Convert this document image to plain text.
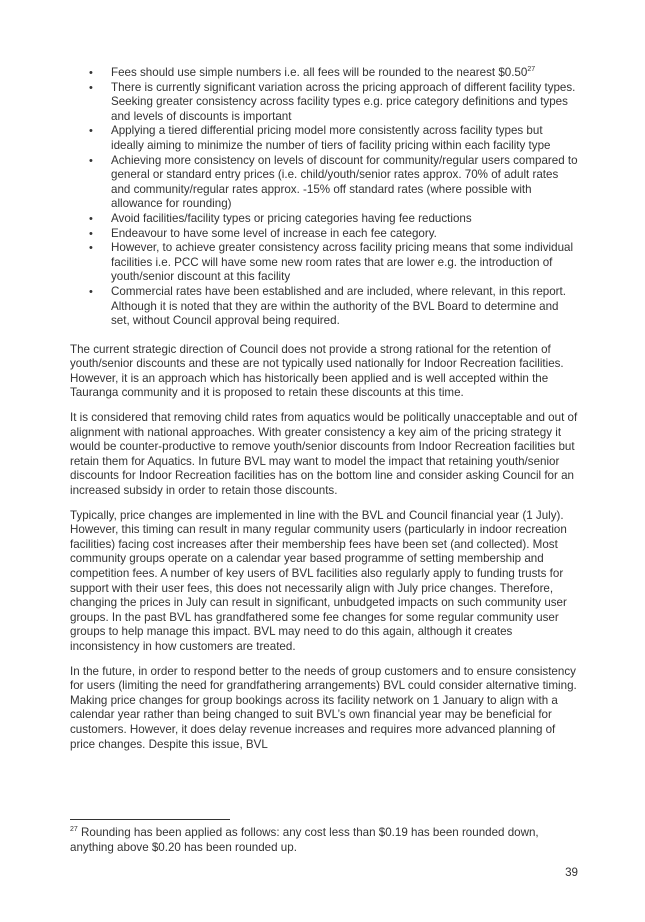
• Fees should use simple numbers i.e. all fees will be rounded to the nearest $0.50$^{27}$
• There is currently significant variation across the pricing approach of different facility types. Seeking greater consistency across facility types e.g. price category definitions and types and levels of discounts is important
• Applying a tiered differential pricing model more consistently across facility types but ideally aiming to minimize the number of tiers of facility pricing within each facility type
• Achieving more consistency on levels of discount for community/regular users compared to general or standard entry prices (i.e. child/youth/senior rates approx. 70% of adult rates and community/regular rates approx. -15% off standard rates (where possible with allowance for rounding)
• Avoid facilities/facility types or pricing categories having fee reductions
• Endeavour to have some level of increase in each fee category.
• However, to achieve greater consistency across facility pricing means that some individual facilities i.e. PCC will have some new room rates that are lower e.g. the introduction of youth/senior discount at this facility
• Commercial rates have been established and are included, where relevant, in this report. Although it is noted that they are within the authority of the BVL Board to determine and set, without Council approval being required.

The current strategic direction of Council does not provide a strong rational for the retention of youth/senior discounts and these are not typically used nationally for Indoor Recreation facilities. However, it is an approach which has historically been applied and is well accepted within the Tauranga community and it is proposed to retain these discounts at this time.

It is considered that removing child rates from aquatics would be politically unacceptable and out of alignment with national approaches. With greater consistency a key aim of the pricing strategy it would be counter-productive to remove youth/senior discounts from Indoor Recreation facilities but retain them for Aquatics. In future BVL may want to model the impact that retaining youth/senior discounts for Indoor Recreation facilities has on the bottom line and consider asking Council for an increased subsidy in order to retain those discounts.

Typically, price changes are implemented in line with the BVL and Council financial year (1 July). However, this timing can result in many regular community users (particularly in indoor recreation facilities) facing cost increases after their membership fees have been set (and collected). Most community groups operate on a calendar year based programme of setting membership and competition fees. A number of key users of BVL facilities also regularly apply to funding trusts for support with their user fees, this does not necessarily align with July price changes. Therefore, changing the prices in July can result in significant, unbudgeted impacts on such community user groups. In the past BVL has grandfathered some fee changes for some regular community user groups to help manage this impact. BVL may need to do this again, although it creates inconsistency in how customers are treated.

In the future, in order to respond better to the needs of group customers and to ensure consistency for users (limiting the need for grandfathering arrangements) BVL could consider alternative timing. Making price changes for group bookings across its facility network on 1 January to align with a calendar year rather than being changed to suit BVL’s own financial year may be beneficial for customers. However, it does delay revenue increases and requires more advanced planning of price changes. Despite this issue, BVL

$^{27}$ Rounding has been applied as follows: any cost less than $0.19 has been rounded down, anything above $0.20 has been rounded up.
39
